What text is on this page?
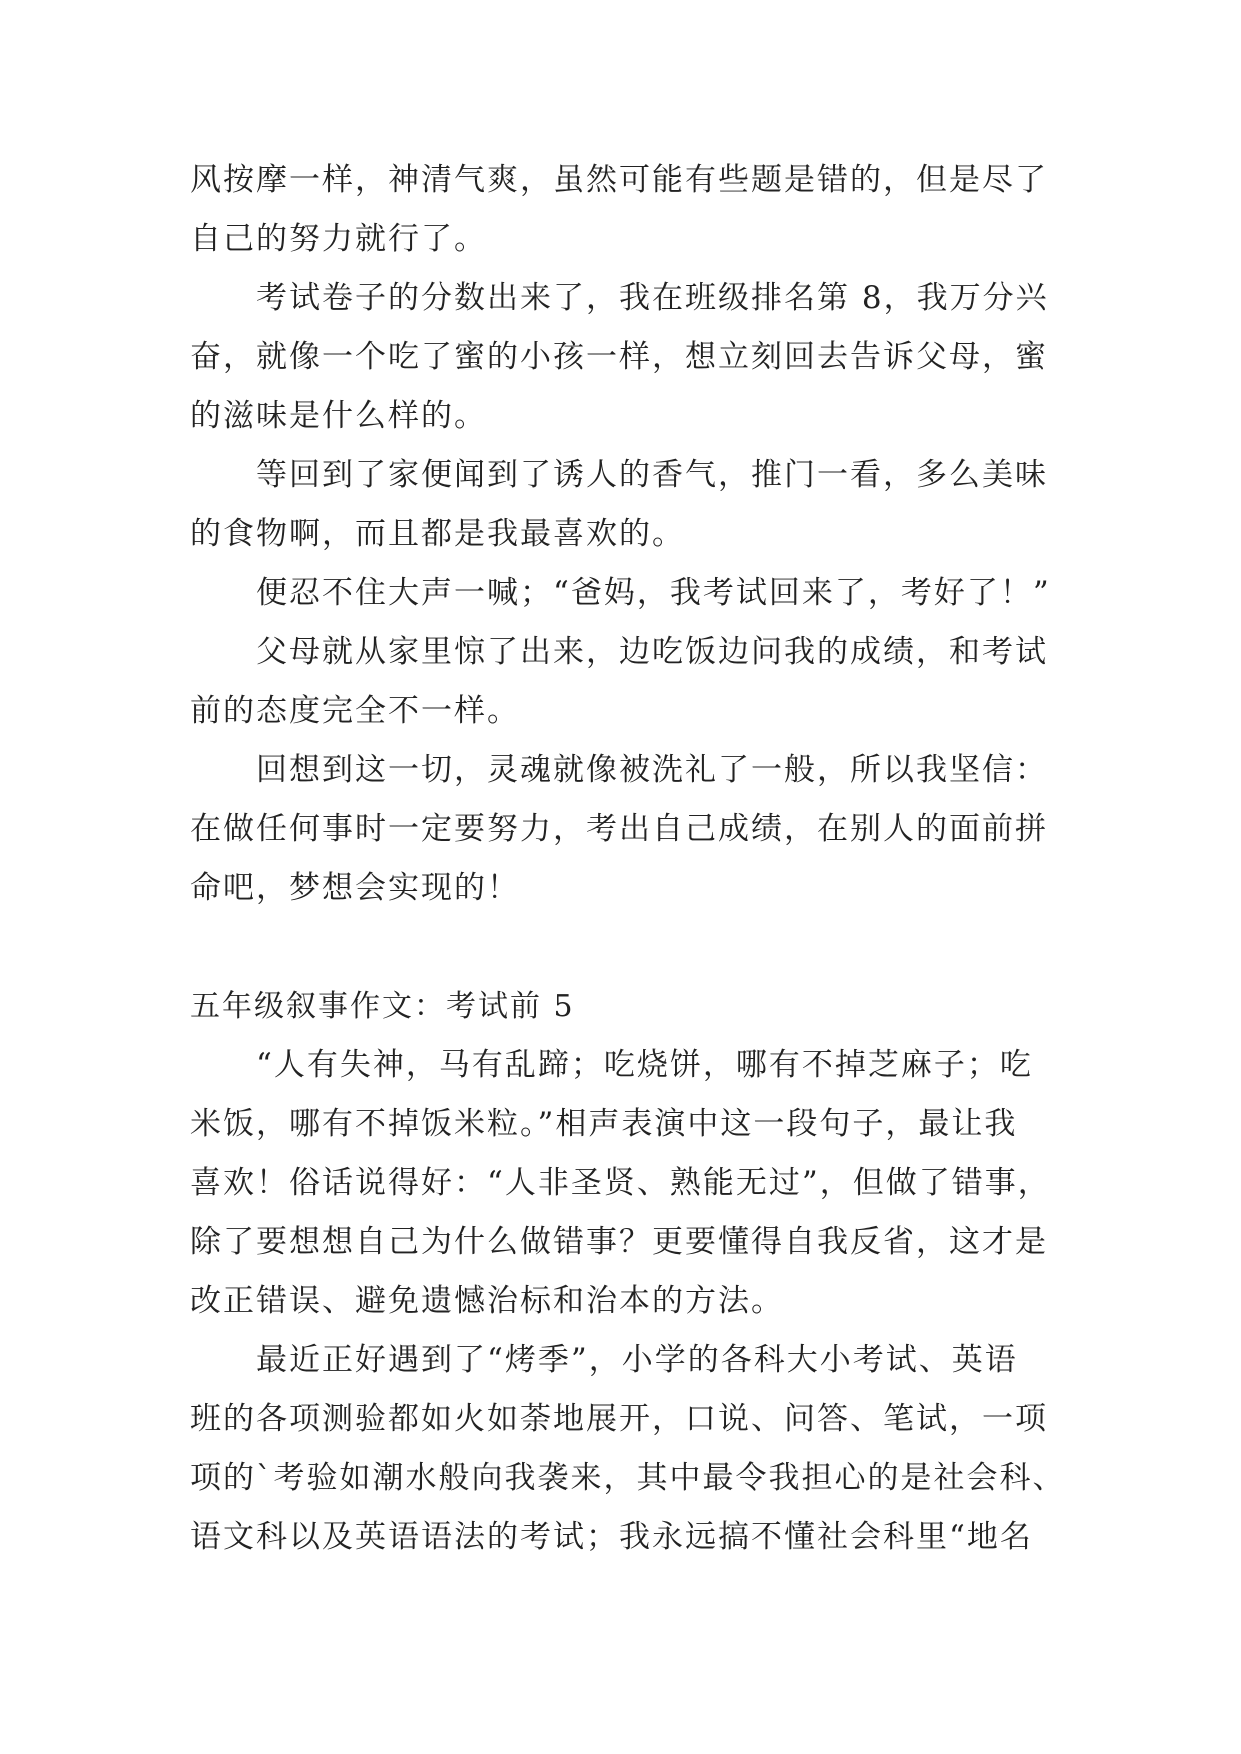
风按摩一样，神清气爽，虽然可能有些题是错的，但是尽了
自己的努力就行了。

考试卷子的分数出来了，我在班级排名第 8，我万分兴
奋，就像一个吃了蜜的小孩一样，想立刻回去告诉父母，蜜
的滋味是什么样的。

等回到了家便闻到了诱人的香气，推门一看，多么美味
的食物啊，而且都是我最喜欢的。

便忍不住大声一喊；“爸妈，我考试回来了，考好了！”

父母就从家里惊了出来，边吃饭边问我的成绩，和考试
前的态度完全不一样。

回想到这一切，灵魂就像被洗礼了一般，所以我坚信：
在做任何事时一定要努力，考出自己成绩，在别人的面前拼
命吧，梦想会实现的！

五年级叙事作文：考试前 5

“人有失神，马有乱蹄；吃烧饼，哪有不掉芝麻子；吃
米饭，哪有不掉饭米粒。”相声表演中这一段句子，最让我
喜欢！俗话说得好：“人非圣贤、熟能无过”，但做了错事，
除了要想想自己为什么做错事？更要懂得自我反省，这才是
改正错误、避免遗憾治标和治本的方法。

最近正好遇到了“烤季”，小学的各科大小考试、英语
班的各项测验都如火如荼地展开，口说、问答、笔试，一项
项的`考验如潮水般向我袭来，其中最令我担心的是社会科、
语文科以及英语语法的考试；我永远搞不懂社会科里“地名
